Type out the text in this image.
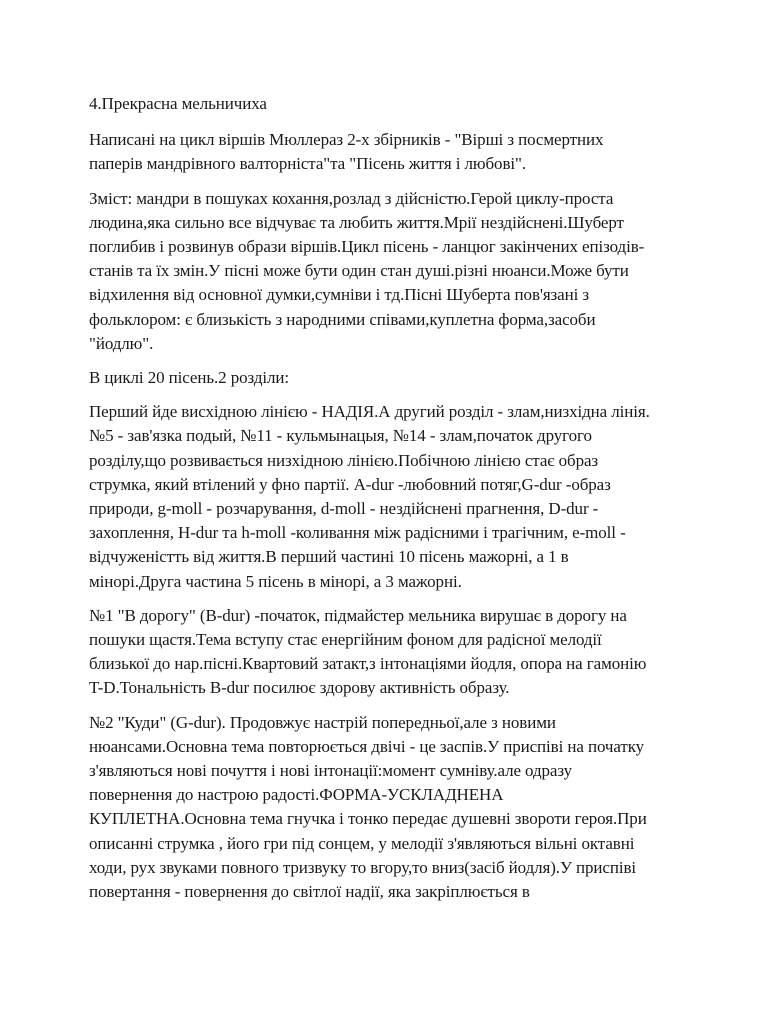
4.Прекрасна мельничиха
Написані на цикл віршів Мюллераз 2-х збірників - "Вірші з посмертних
паперів мандрівного валторніста"та "Пісень життя і любові".
Зміст: мандри в пошуках кохання,розлад з дійсністю.Герой циклу-проста
людина,яка сильно все відчуває та любить життя.Мрії нездійснені.Шуберт
поглибив і розвинув образи віршів.Цикл пісень - ланцюг закінчених епізодів-
станів та їх змін.У пісні може бути один стан душі.різні нюанси.Може бути
відхилення від основної думки,сумніви і тд.Пісні Шуберта пов'язані з
фольклором: є близькість з народними співами,куплетна форма,засоби
"йодлю".
В циклі 20 пісень.2 розділи:
Перший йде висхідною лінією - НАДІЯ.А другий розділ - злам,низхідна лінія.
№5 - зав'язка подый, №11 - кульмынацыя, №14 - злам,початок другого
розділу,що розвивається низхідною лінією.Побічною лінією стає образ
струмка, який втілений у фно партії. A-dur -любовний потяг,G-dur -образ
природи, g-moll - розчарування, d-moll - нездійснені прагнення, D-dur -
захоплення, H-dur та h-moll -коливання між радісними і трагічним, e-moll -
відчуженістть від життя.В перший частині 10 пісень мажорні, а 1 в
мінорі.Друга частина 5 пісень в мінорі, а 3 мажорні.
№1 "В дорогу" (B-dur) -початок, підмайстер мельника вирушає в дорогу на
пошуки щастя.Тема вступу стає енергійним фоном для радісної мелодії
близької до нар.пісні.Квартовий затакт,з інтонаціями йодля, опора на гамонію
T-D.Тональність B-dur посилює здорову активність образу.
№2 "Куди" (G-dur). Продовжує настрій попередньої,але з новими
нюансами.Основна тема повторюється двічі - це заспів.У приспіві на початку
з'являються нові почуття і нові інтонації:момент сумніву.але одразу
повернення до настрою радості.ФОРМА-УСКЛАДНЕНА
КУПЛЕТНА.Основна тема гнучка і тонко передає душевні звороти героя.При
описанні струмка , його гри під сонцем, у мелодії з'являються вільні октавні
ходи, рух звуками повного тризвуку то вгору,то вниз(засіб йодля).У приспіві
повертання - повернення до світлої надії, яка закріплюється в
